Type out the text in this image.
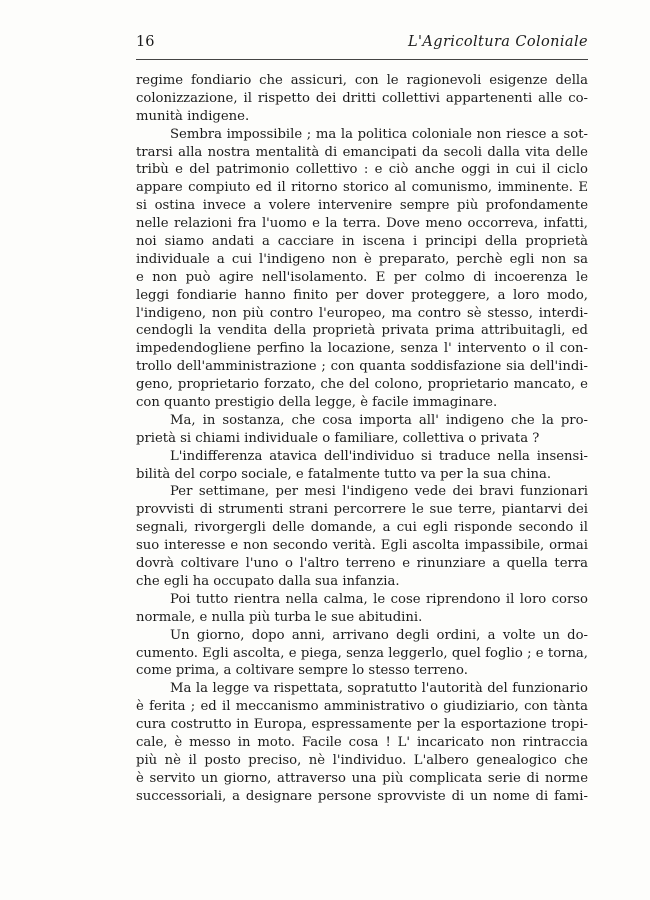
16	L'Agricoltura Coloniale
regime fondiario che assicuri, con le ragionevoli esigenze della
colonizzazione, il rispetto dei dritti collettivi appartenenti alle co-
munità indigene.
Sembra impossibile ; ma la politica coloniale non riesce a sot-
trarsi alla nostra mentalità di emancipati da secoli dalla vita delle
tribù e del patrimonio collettivo : e ciò anche oggi in cui il ciclo
appare compiuto ed il ritorno storico al comunismo, imminente. E
si ostina invece a volere intervenire sempre più profondamente
nelle relazioni fra l'uomo e la terra. Dove meno occorreva, infatti,
noi siamo andati a cacciare in iscena i principi della proprietà
individuale a cui l'indigeno non è preparato, perchè egli non sa
e non può agire nell'isolamento. E per colmo di incoerenza le
leggi fondiarie hanno finito per dover proteggere, a loro modo,
l'indigeno, non più contro l'europeo, ma contro sè stesso, interdi-
cendogli la vendita della proprietà privata prima attribuitagli, ed
impedendogliene perfino la locazione, senza l' intervento o il con-
trollo dell'amministrazione ; con quanta soddisfazione sia dell'indi-
geno, proprietario forzato, che del colono, proprietario mancato, e
con quanto prestigio della legge, è facile immaginare.
Ma, in sostanza, che cosa importa all' indigeno che la pro-
prietà si chiami individuale o familiare, collettiva o privata ?
L'indifferenza atavica dell'individuo si traduce nella insensi-
bilità del corpo sociale, e fatalmente tutto va per la sua china.
Per settimane, per mesi l'indigeno vede dei bravi funzionari
provvisti di strumenti strani percorrere le sue terre, piantarvi dei
segnali, rivorgergli delle domande, a cui egli risponde secondo il
suo interesse e non secondo verità. Egli ascolta impassibile, ormai
dovrà coltivare l'uno o l'altro terreno e rinunziare a quella terra
che egli ha occupato dalla sua infanzia.
Poi tutto rientra nella calma, le cose riprendono il loro corso
normale, e nulla più turba le sue abitudini.
Un giorno, dopo anni, arrivano degli ordini, a volte un do-
cumento. Egli ascolta, e piega, senza leggerlo, quel foglio ; e torna,
come prima, a coltivare sempre lo stesso terreno.
Ma la legge va rispettata, sopratutto l'autorità del funzionario
è ferita ; ed il meccanismo amministrativo o giudiziario, con tànta
cura costrutto in Europa, espressamente per la esportazione tropi-
cale, è messo in moto. Facile cosa ! L' incaricato non rintraccia
più nè il posto preciso, nè l'individuo. L'albero genealogico che
è servito un giorno, attraverso una più complicata serie di norme
successoriali, a designare persone sprovviste di un nome di fami-
